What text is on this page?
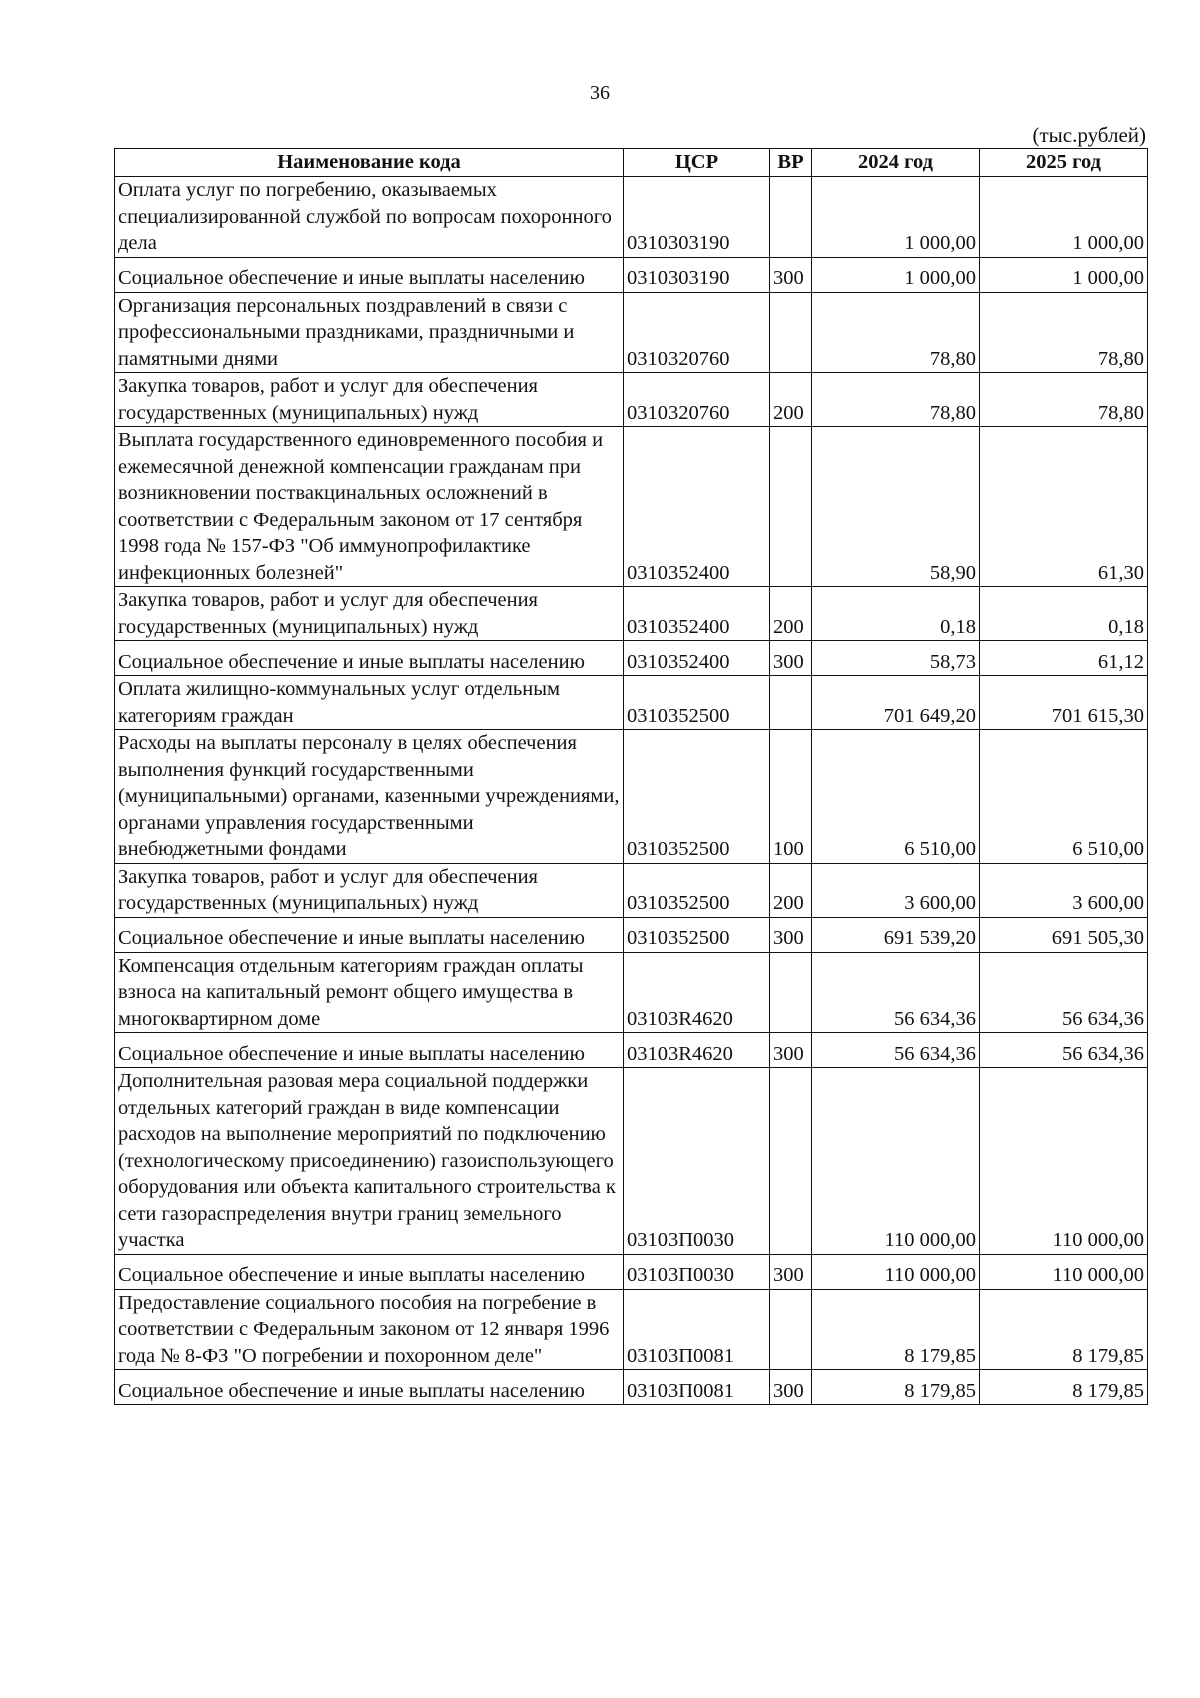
36
(тыс.рублей)
Наименование кода	ЦСР	ВР	2024 год	2025 год
Оплата услуг по погребению, оказываемых специализированной службой по вопросам похоронного дела	0310303190		1 000,00	1 000,00
Социальное обеспечение и иные выплаты населению	0310303190	300	1 000,00	1 000,00
Организация персональных поздравлений в связи с профессиональными праздниками, праздничными и памятными днями	0310320760		78,80	78,80
Закупка товаров, работ и услуг для обеспечения государственных (муниципальных) нужд	0310320760	200	78,80	78,80
Выплата государственного единовременного пособия и ежемесячной денежной компенсации гражданам при возникновении поствакцинальных осложнений в соответствии с Федеральным законом от 17 сентября 1998 года № 157-ФЗ "Об иммунопрофилактике инфекционных болезней"	0310352400		58,90	61,30
Закупка товаров, работ и услуг для обеспечения государственных (муниципальных) нужд	0310352400	200	0,18	0,18
Социальное обеспечение и иные выплаты населению	0310352400	300	58,73	61,12
Оплата жилищно-коммунальных услуг отдельным категориям граждан	0310352500		701 649,20	701 615,30
Расходы на выплаты персоналу в целях обеспечения выполнения функций государственными (муниципальными) органами, казенными учреждениями, органами управления государственными внебюджетными фондами	0310352500	100	6 510,00	6 510,00
Закупка товаров, работ и услуг для обеспечения государственных (муниципальных) нужд	0310352500	200	3 600,00	3 600,00
Социальное обеспечение и иные выплаты населению	0310352500	300	691 539,20	691 505,30
Компенсация отдельным категориям граждан оплаты взноса на капитальный ремонт общего имущества в многоквартирном доме	03103R4620		56 634,36	56 634,36
Социальное обеспечение и иные выплаты населению	03103R4620	300	56 634,36	56 634,36
Дополнительная разовая мера социальной поддержки отдельных категорий граждан в виде компенсации расходов на выполнение мероприятий по подключению (технологическому присоединению) газоиспользующего оборудования или объекта капитального строительства к сети газораспределения внутри границ земельного участка	03103П0030		110 000,00	110 000,00
Социальное обеспечение и иные выплаты населению	03103П0030	300	110 000,00	110 000,00
Предоставление социального пособия на погребение в соответствии с Федеральным законом от 12 января 1996 года № 8-ФЗ "О погребении и похоронном деле"	03103П0081		8 179,85	8 179,85
Социальное обеспечение и иные выплаты населению	03103П0081	300	8 179,85	8 179,85
